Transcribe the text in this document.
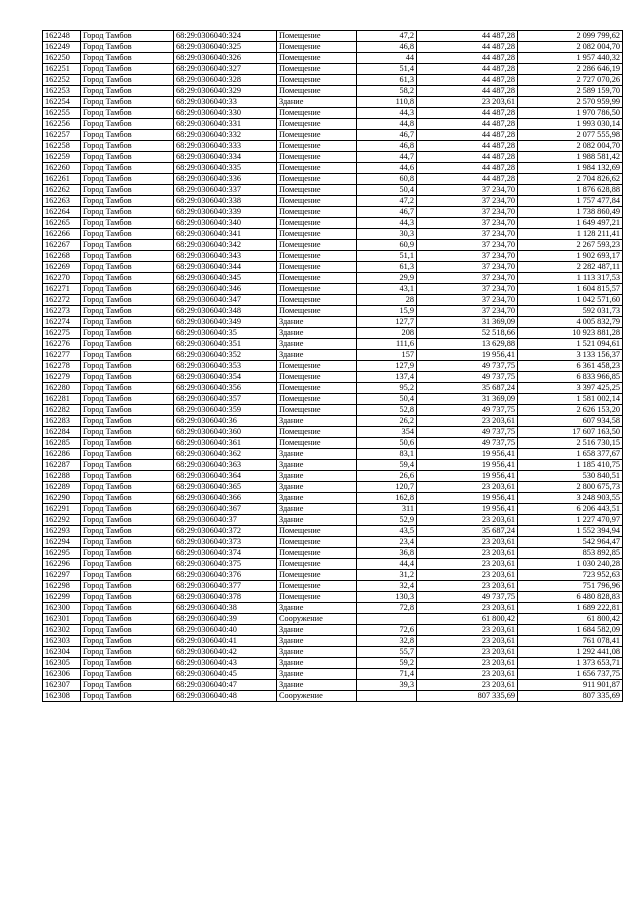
162248	Город Тамбов	68:29:0306040:324	Помещение	47,2	44 487,28	2 099 799,62
162249	Город Тамбов	68:29:0306040:325	Помещение	46,8	44 487,28	2 082 004,70
162250	Город Тамбов	68:29:0306040:326	Помещение	44	44 487,28	1 957 440,32
162251	Город Тамбов	68:29:0306040:327	Помещение	51,4	44 487,28	2 286 646,19
162252	Город Тамбов	68:29:0306040:328	Помещение	61,3	44 487,28	2 727 070,26
162253	Город Тамбов	68:29:0306040:329	Помещение	58,2	44 487,28	2 589 159,70
162254	Город Тамбов	68:29:0306040:33	Здание	110,8	23 203,61	2 570 959,99
162255	Город Тамбов	68:29:0306040:330	Помещение	44,3	44 487,28	1 970 786,50
162256	Город Тамбов	68:29:0306040:331	Помещение	44,8	44 487,28	1 993 030,14
162257	Город Тамбов	68:29:0306040:332	Помещение	46,7	44 487,28	2 077 555,98
162258	Город Тамбов	68:29:0306040:333	Помещение	46,8	44 487,28	2 082 004,70
162259	Город Тамбов	68:29:0306040:334	Помещение	44,7	44 487,28	1 988 581,42
162260	Город Тамбов	68:29:0306040:335	Помещение	44,6	44 487,28	1 984 132,69
162261	Город Тамбов	68:29:0306040:336	Помещение	60,8	44 487,28	2 704 826,62
162262	Город Тамбов	68:29:0306040:337	Помещение	50,4	37 234,70	1 876 628,88
162263	Город Тамбов	68:29:0306040:338	Помещение	47,2	37 234,70	1 757 477,84
162264	Город Тамбов	68:29:0306040:339	Помещение	46,7	37 234,70	1 738 860,49
162265	Город Тамбов	68:29:0306040:340	Помещение	44,3	37 234,70	1 649 497,21
162266	Город Тамбов	68:29:0306040:341	Помещение	30,3	37 234,70	1 128 211,41
162267	Город Тамбов	68:29:0306040:342	Помещение	60,9	37 234,70	2 267 593,23
162268	Город Тамбов	68:29:0306040:343	Помещение	51,1	37 234,70	1 902 693,17
162269	Город Тамбов	68:29:0306040:344	Помещение	61,3	37 234,70	2 282 487,11
162270	Город Тамбов	68:29:0306040:345	Помещение	29,9	37 234,70	1 113 317,53
162271	Город Тамбов	68:29:0306040:346	Помещение	43,1	37 234,70	1 604 815,57
162272	Город Тамбов	68:29:0306040:347	Помещение	28	37 234,70	1 042 571,60
162273	Город Тамбов	68:29:0306040:348	Помещение	15,9	37 234,70	592 031,73
162274	Город Тамбов	68:29:0306040:349	Здание	127,7	31 369,09	4 005 832,79
162275	Город Тамбов	68:29:0306040:35	Здание	208	52 518,66	10 923 881,28
162276	Город Тамбов	68:29:0306040:351	Здание	111,6	13 629,88	1 521 094,61
162277	Город Тамбов	68:29:0306040:352	Здание	157	19 956,41	3 133 156,37
162278	Город Тамбов	68:29:0306040:353	Помещение	127,9	49 737,75	6 361 458,23
162279	Город Тамбов	68:29:0306040:354	Помещение	137,4	49 737,75	6 833 966,85
162280	Город Тамбов	68:29:0306040:356	Помещение	95,2	35 687,24	3 397 425,25
162281	Город Тамбов	68:29:0306040:357	Помещение	50,4	31 369,09	1 581 002,14
162282	Город Тамбов	68:29:0306040:359	Помещение	52,8	49 737,75	2 626 153,20
162283	Город Тамбов	68:29:0306040:36	Здание	26,2	23 203,61	607 934,58
162284	Город Тамбов	68:29:0306040:360	Помещение	354	49 737,75	17 607 163,50
162285	Город Тамбов	68:29:0306040:361	Помещение	50,6	49 737,75	2 516 730,15
162286	Город Тамбов	68:29:0306040:362	Здание	83,1	19 956,41	1 658 377,67
162287	Город Тамбов	68:29:0306040:363	Здание	59,4	19 956,41	1 185 410,75
162288	Город Тамбов	68:29:0306040:364	Здание	26,6	19 956,41	530 840,51
162289	Город Тамбов	68:29:0306040:365	Здание	120,7	23 203,61	2 800 675,73
162290	Город Тамбов	68:29:0306040:366	Здание	162,8	19 956,41	3 248 903,55
162291	Город Тамбов	68:29:0306040:367	Здание	311	19 956,41	6 206 443,51
162292	Город Тамбов	68:29:0306040:37	Здание	52,9	23 203,61	1 227 470,97
162293	Город Тамбов	68:29:0306040:372	Помещение	43,5	35 687,24	1 552 394,94
162294	Город Тамбов	68:29:0306040:373	Помещение	23,4	23 203,61	542 964,47
162295	Город Тамбов	68:29:0306040:374	Помещение	36,8	23 203,61	853 892,85
162296	Город Тамбов	68:29:0306040:375	Помещение	44,4	23 203,61	1 030 240,28
162297	Город Тамбов	68:29:0306040:376	Помещение	31,2	23 203,61	723 952,63
162298	Город Тамбов	68:29:0306040:377	Помещение	32,4	23 203,61	751 796,96
162299	Город Тамбов	68:29:0306040:378	Помещение	130,3	49 737,75	6 480 828,83
162300	Город Тамбов	68:29:0306040:38	Здание	72,8	23 203,61	1 689 222,81
162301	Город Тамбов	68:29:0306040:39	Сооружение		61 800,42	61 800,42
162302	Город Тамбов	68:29:0306040:40	Здание	72,6	23 203,61	1 684 582,09
162303	Город Тамбов	68:29:0306040:41	Здание	32,8	23 203,61	761 078,41
162304	Город Тамбов	68:29:0306040:42	Здание	55,7	23 203,61	1 292 441,08
162305	Город Тамбов	68:29:0306040:43	Здание	59,2	23 203,61	1 373 653,71
162306	Город Тамбов	68:29:0306040:45	Здание	71,4	23 203,61	1 656 737,75
162307	Город Тамбов	68:29:0306040:47	Здание	39,3	23 203,61	911 901,87
162308	Город Тамбов	68:29:0306040:48	Сооружение		807 335,69	807 335,69
